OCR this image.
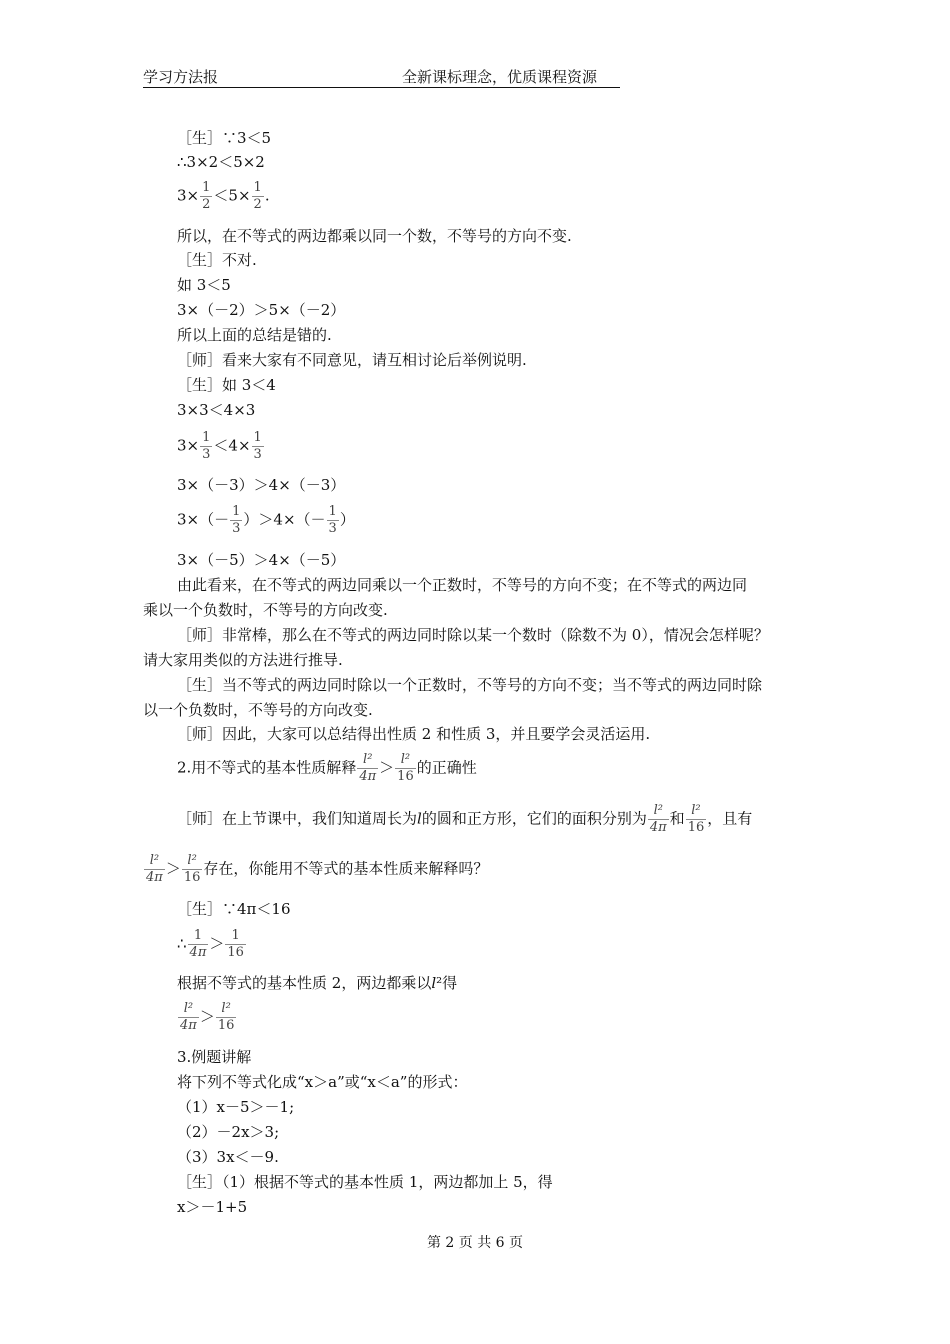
学习方法报	全新课标理念，优质课程资源
［生］∵3＜5
∴3×2＜5×2
$3\times \frac{1}{2} <5\times \frac{1}{2}$ .
所以，在不等式的两边都乘以同一个数，不等号的方向不变.
［生］不对.
如 3＜5
3×（－2）＞5×（－2）
所以上面的总结是错的.
［师］看来大家有不同意见，请互相讨论后举例说明.
［生］如 3＜4
3×3＜4×3
$3\times \frac{1}{3} <4\times \frac{1}{3}$
3×（－3）＞4×（－3）
$3\times(- \frac{1}{3} )>4\times(- \frac{1}{3}$ ）
3×（－5）＞4×（－5）
由此看来，在不等式的两边同乘以一个正数时，不等号的方向不变；在不等式的两边同
乘以一个负数时，不等号的方向改变.
［师］非常棒，那么在不等式的两边同时除以某一个数时（除数不为 0），情况会怎样呢？
请大家用类似的方法进行推导.
［生］当不等式的两边同时除以一个正数时，不等号的方向不变；当不等式的两边同时除
以一个负数时，不等号的方向改变.
［师］因此，大家可以总结得出性质 2 和性质 3，并且要学会灵活运用.
2.用不等式的基本性质解释 $\frac{\text{l²}}{4\pi} > \frac{\text{l²}}{16}$ 的正确性
［师］在上节课中，我们知道周长为l的圆和正方形，它们的面积分别为 $\frac{\text{l²}}{4\pi}$ 和 $\frac{\text{l²}}{16}$ ，且有
$\frac{\text{l²}}{4\pi} > \frac{\text{l²}}{16}$ 存在，你能用不等式的基本性质来解释吗？
［生］∵4π＜16
∴ $\frac{1}{4\pi} > \frac{1}{16}$
根据不等式的基本性质 2，两边都乘以l²得
$\frac{\text{l²}}{4\pi} > \frac{\text{l²}}{16}$
3.例题讲解
将下列不等式化成“x＞a”或“x＜a”的形式：
（1）x－5＞－1;
（2）－2x＞3;
（3）3x＜－9.
［生］（1）根据不等式的基本性质 1，两边都加上 5，得
x＞－1+5
第 2 页 共 6 页
